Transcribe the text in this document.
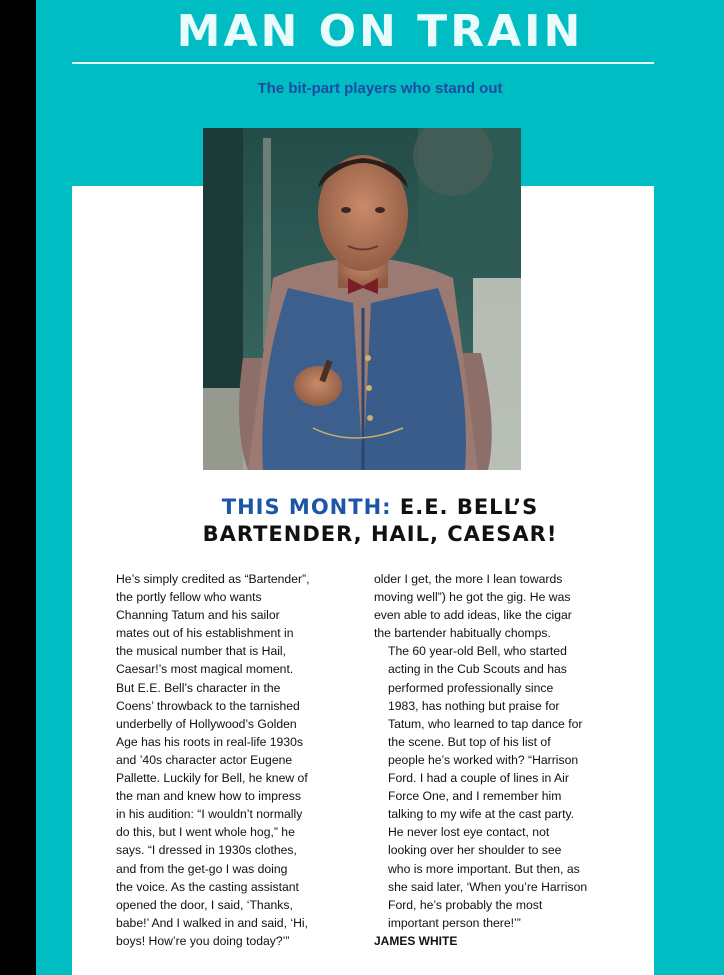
MAN ON TRAIN
The bit-part players who stand out
THIS MONTH: E.E. BELL’S
BARTENDER, HAIL, CAESAR!
He’s simply credited as “Bartender”,
the portly fellow who wants
Channing Tatum and his sailor
mates out of his establishment in
the musical number that is Hail,
Caesar!’s most magical moment.
But E.E. Bell’s character in the
Coens’ throwback to the tarnished
underbelly of Hollywood’s Golden
Age has his roots in real-life 1930s
and ’40s character actor Eugene
Pallette. Luckily for Bell, he knew of
the man and knew how to impress
in his audition: “I wouldn’t normally
do this, but I went whole hog,” he
says. “I dressed in 1930s clothes,
and from the get-go I was doing
the voice. As the casting assistant
opened the door, I said, ‘Thanks,
babe!’ And I walked in and said, ‘Hi,
boys! How’re you doing today?’”
older I get, the more I lean towards
moving well”) he got the gig. He was
even able to add ideas, like the cigar
the bartender habitually chomps.
The 60 year-old Bell, who started
acting in the Cub Scouts and has
performed professionally since
1983, has nothing but praise for
Tatum, who learned to tap dance for
the scene. But top of his list of
people he’s worked with? “Harrison
Ford. I had a couple of lines in Air
Force One, and I remember him
talking to my wife at the cast party.
He never lost eye contact, not
looking over her shoulder to see
who is more important. But then, as
she said later, ‘When you’re Harrison
Ford, he’s probably the most
important person there!’”
JAMES WHITE
